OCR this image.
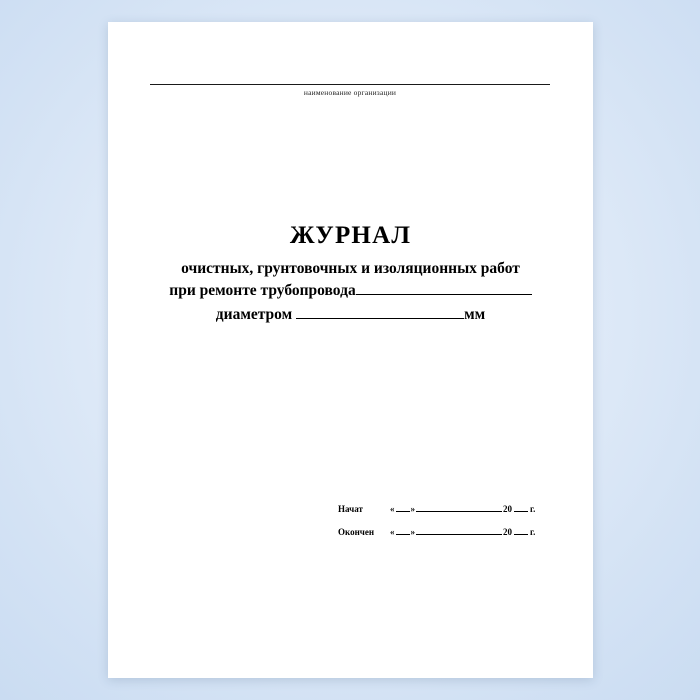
наименование организации
ЖУРНАЛ
очистных, грунтовочных и изоляционных работ
при ремонте трубопровода
диаметром	мм
Начат	« »	20 г.
Окончен	« »	20 г.
